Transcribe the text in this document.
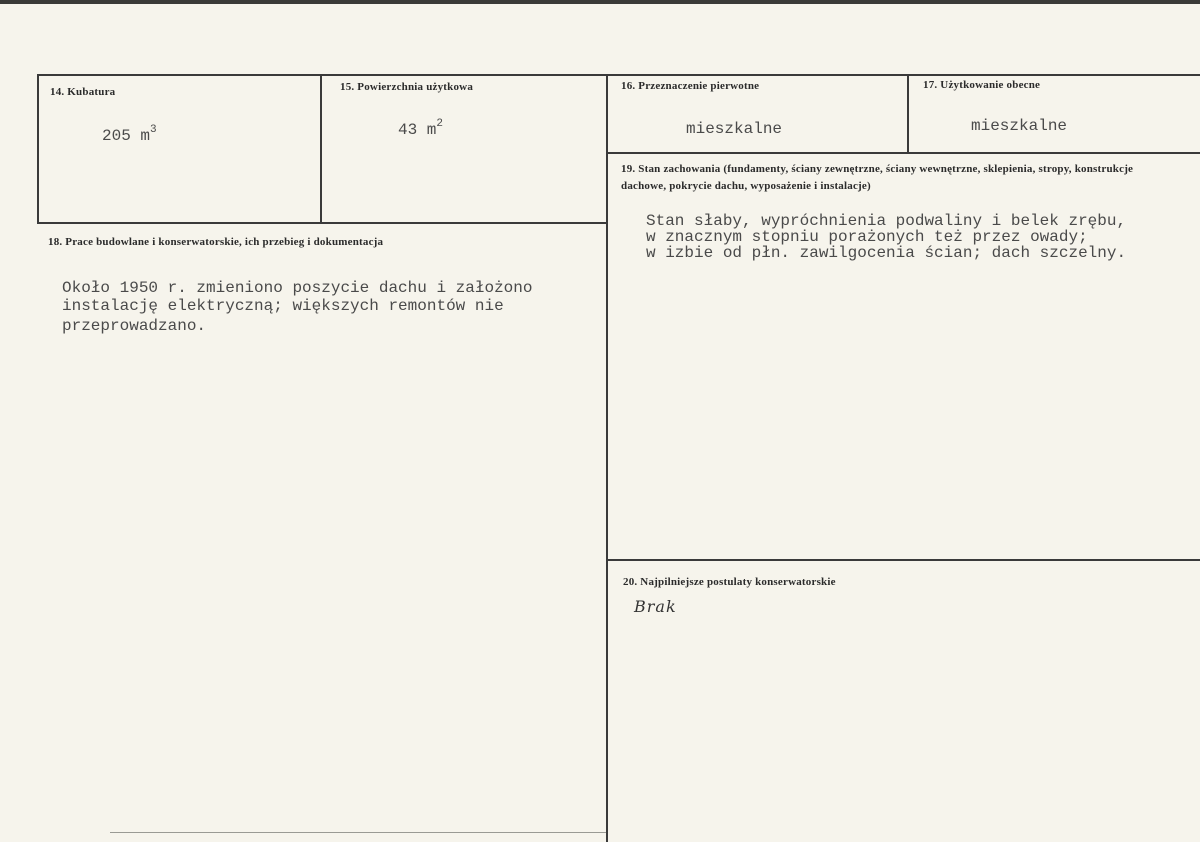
14. Kubatura
205 $m^3$
15. Powierzchnia użytkowa
43 $m^2$
16. Przeznaczenie pierwotne
mieszkalne
17. Użytkowanie obecne
mieszkalne
18. Prace budowlane i konserwatorskie, ich przebieg i dokumentacja
Około 1950 r. zmieniono poszycie dachu i założono
instalację elektryczną; większych remontów nie
przeprowadzano.
19. Stan zachowania (fundamenty, ściany zewnętrzne, ściany wewnętrzne, sklepienia, stropy, konstrukcje dachowe, pokrycie dachu, wyposażenie i instalacje)
Stan słaby, wypróchnienia podwaliny i belek zrębu,
w znacznym stopniu porażonych też przez owady;
w izbie od płn. zawilgocenia ścian; dach szczelny.
20. Najpilniejsze postulaty konserwatorskie
Brak
